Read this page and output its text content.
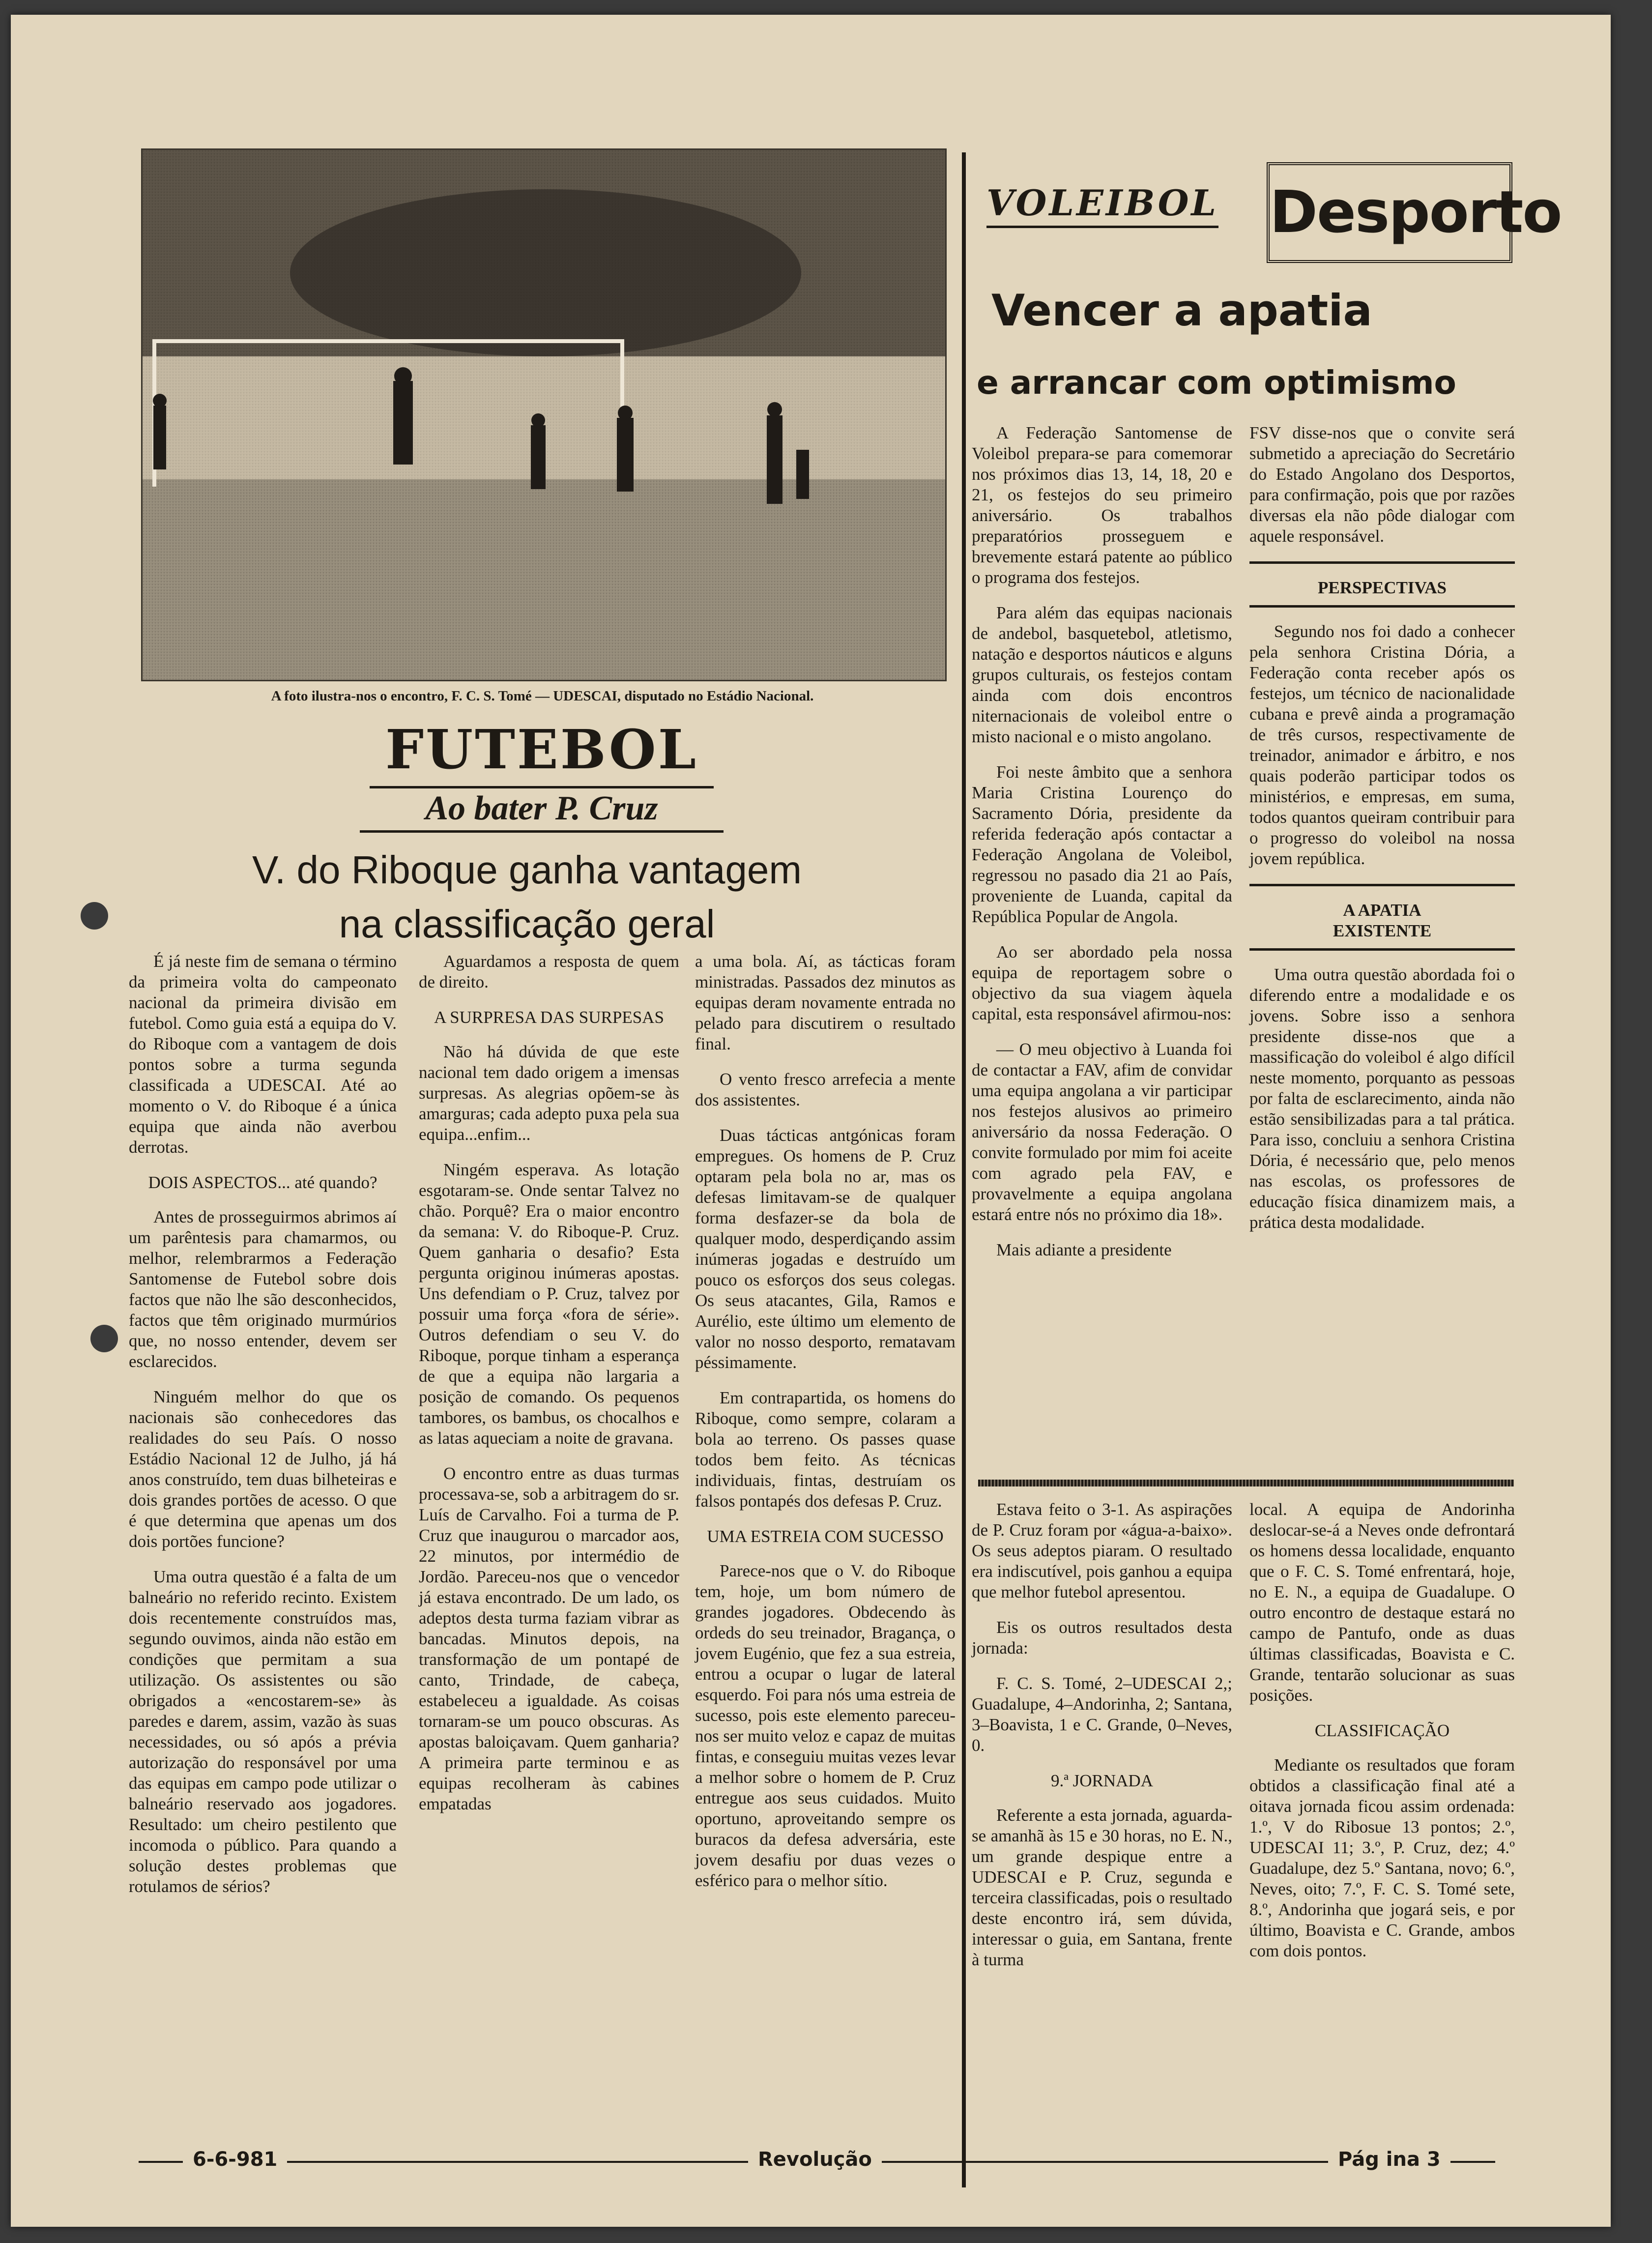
A foto ilustra-nos o encontro, F. C. S. Tomé — UDESCAI, disputado no Estádio Nacional.
FUTEBOL
Ao bater P. Cruz
V. do Riboque ganha vantagem
na classificação geral

É já neste fim de semana o término da primeira volta do campeonato nacional da primeira divisão em futebol. Como guia está a equipa do V. do Riboque com a vantagem de dois pontos sobre a turma segunda classificada a UDESCAI. Até ao momento o V. do Riboque é a única equipa que ainda não averbou derrotas.

DOIS ASPECTOS... até quando?

Antes de prosseguirmos abrimos aí um parêntesis para chamarmos, ou melhor, relembrarmos a Federação Santomense de Futebol sobre dois factos que não lhe são desconhecidos, factos que têm originado murmúrios que, no nosso entender, devem ser esclarecidos.

Ninguém melhor do que os nacionais são conhecedores das realidades do seu País. O nosso Estádio Nacional 12 de Julho, já há anos construído, tem duas bilheteiras e dois grandes portões de acesso. O que é que determina que apenas um dos dois portões funcione?

Uma outra questão é a falta de um balneário no referido recinto. Existem dois recentemente construídos mas, segundo ouvimos, ainda não estão em condições que permitam a sua utilização. Os assistentes ou são obrigados a «encostarem-se» às paredes e darem, assim, vazão às suas necessidades, ou só após a prévia autorização do responsável por uma das equipas em campo pode utilizar o balneário reservado aos jogadores. Resultado: um cheiro pestilento que incomoda o público. Para quando a solução destes problemas que rotulamos de sérios?

Aguardamos a resposta de quem de direito.

A SURPRESA DAS SURPESAS

Não há dúvida de que este nacional tem dado origem a imensas surpresas. As alegrias opõem-se às amarguras; cada adepto puxa pela sua equipa...enfim...

Ningém esperava. As lotação esgotaram-se. Onde sentar Talvez no chão. Porquê? Era o maior encontro da semana: V. do Riboque-P. Cruz. Quem ganharia o desafio? Esta pergunta originou inúmeras apostas. Uns defendiam o P. Cruz, talvez por possuir uma força «fora de série». Outros defendiam o seu V. do Riboque, porque tinham a esperança de que a equipa não largaria a posição de comando. Os pequenos tambores, os bambus, os chocalhos e as latas aqueciam a noite de gravana.

O encontro entre as duas turmas processava-se, sob a arbitragem do sr. Luís de Carvalho. Foi a turma de P. Cruz que inaugurou o marcador aos, 22 minutos, por intermédio de Jordão. Pareceu-nos que o vencedor já estava encontrado. De um lado, os adeptos desta turma faziam vibrar as bancadas. Minutos depois, na transformação de um pontapé de canto, Trindade, de cabeça, estabeleceu a igualdade. As coisas tornaram-se um pouco obscuras. As apostas baloiçavam. Quem ganharia? A primeira parte terminou e as equipas recolheram às cabines empatadas

a uma bola. Aí, as tácticas foram ministradas. Passados dez minutos as equipas deram novamente entrada no pelado para discutirem o resultado final.

O vento fresco arrefecia a mente dos assistentes.

Duas tácticas antgónicas foram empregues. Os homens de P. Cruz optaram pela bola no ar, mas os defesas limitavam-se de qualquer forma desfazer-se da bola de qualquer modo, desperdiçando assim inúmeras jogadas e destruído um pouco os esforços dos seus colegas. Os seus atacantes, Gila, Ramos e Aurélio, este último um elemento de valor no nosso desporto, rematavam péssimamente.

Em contrapartida, os homens do Riboque, como sempre, colaram a bola ao terreno. Os passes quase todos bem feito. As técnicas individuais, fintas, destruíam os falsos pontapés dos defesas P. Cruz.

UMA ESTREIA COM SUCESSO

Parece-nos que o V. do Riboque tem, hoje, um bom número de grandes jogadores. Obdecendo às ordeds do seu treinador, Bragança, o jovem Eugénio, que fez a sua estreia, entrou a ocupar o lugar de lateral esquerdo. Foi para nós uma estreia de sucesso, pois este elemento pareceu-nos ser muito veloz e capaz de muitas fintas, e conseguiu muitas vezes levar a melhor sobre o homem de P. Cruz entregue aos seus cuidados. Muito oportuno, aproveitando sempre os buracos da defesa adversária, este jovem desafiu por duas vezes o esférico para o melhor sítio.

VOLEIBOL Desporto
Vencer a apatia
e arrancar com optimismo

A Federação Santomense de Voleibol prepara-se para comemorar nos próximos dias 13, 14, 18, 20 e 21, os festejos do seu primeiro aniversário. Os trabalhos preparatórios prosseguem e brevemente estará patente ao público o programa dos festejos.

Para além das equipas nacionais de andebol, basquetebol, atletismo, natação e desportos náuticos e alguns grupos culturais, os festejos contam ainda com dois encontros niternacionais de voleibol entre o misto nacional e o misto angolano.

Foi neste âmbito que a senhora Maria Cristina Lourenço do Sacramento Dória, presidente da referida federação após contactar a Federação Angolana de Voleibol, regressou no pasado dia 21 ao País, proveniente de Luanda, capital da República Popular de Angola.

Ao ser abordado pela nossa equipa de reportagem sobre o objectivo da sua viagem àquela capital, esta responsável afirmou-nos:

— O meu objectivo à Luanda foi de contactar a FAV, afim de convidar uma equipa angolana a vir participar nos festejos alusivos ao primeiro aniversário da nossa Federação. O convite formulado por mim foi aceite com agrado pela FAV, e provavelmente a equipa angolana estará entre nós no próximo dia 18».

Mais adiante a presidente

FSV disse-nos que o convite será submetido a apreciação do Secretário do Estado Angolano dos Desportos, para confirmação, pois que por razões diversas ela não pôde dialogar com aquele responsável.

PERSPECTIVAS

Segundo nos foi dado a conhecer pela senhora Cristina Dória, a Federação conta receber após os festejos, um técnico de nacionalidade cubana e prevê ainda a programação de três cursos, respectivamente de treinador, animador e árbitro, e nos quais poderão participar todos os ministérios, e empresas, em suma, todos quantos queiram contribuir para o progresso do voleibol na nossa jovem república.

A APATIA EXISTENTE

Uma outra questão abordada foi o diferendo entre a modalidade e os jovens. Sobre isso a senhora presidente disse-nos que a massificação do voleibol é algo difícil neste momento, porquanto as pessoas por falta de esclarecimento, ainda não estão sensibilizadas para a tal prática. Para isso, concluiu a senhora Cristina Dória, é necessário que, pelo menos nas escolas, os professores de educação física dinamizem mais, a prática desta modalidade.

Estava feito o 3-1. As aspirações de P. Cruz foram por «água-a-baixo». Os seus adeptos piaram. O resultado era indiscutível, pois ganhou a equipa que melhor futebol apresentou.

Eis os outros resultados desta jornada:

F. C. S. Tomé, 2–UDESCAI 2,; Guadalupe, 4–Andorinha, 2; Santana, 3–Boavista, 1 e C. Grande, 0–Neves, 0.

9.ª JORNADA

Referente a esta jornada, aguarda-se amanhã às 15 e 30 horas, no E. N., um grande despique entre a UDESCAI e P. Cruz, segunda e terceira classificadas, pois o resultado deste encontro irá, sem dúvida, interessar o guia, em Santana, frente à turma

local. A equipa de Andorinha deslocar-se-á a Neves onde defrontará os homens dessa localidade, enquanto que o F. C. S. Tomé enfrentará, hoje, no E. N., a equipa de Guadalupe. O outro encontro de destaque estará no campo de Pantufo, onde as duas últimas classificadas, Boavista e C. Grande, tentarão solucionar as suas posições.

CLASSIFICAÇÃO

Mediante os resultados que foram obtidos a classificação final até a oitava jornada ficou assim ordenada: 1.º, V do Ribosue 13 pontos; 2.º, UDESCAI 11; 3.º, P. Cruz, dez; 4.º Guadalupe, dez 5.º Santana, novo; 6.º, Neves, oito; 7.º, F. C. S. Tomé sete, 8.º, Andorinha que jogará seis, e por último, Boavista e C. Grande, ambos com dois pontos.

6-6-981	Revolução	Pág ina 3
